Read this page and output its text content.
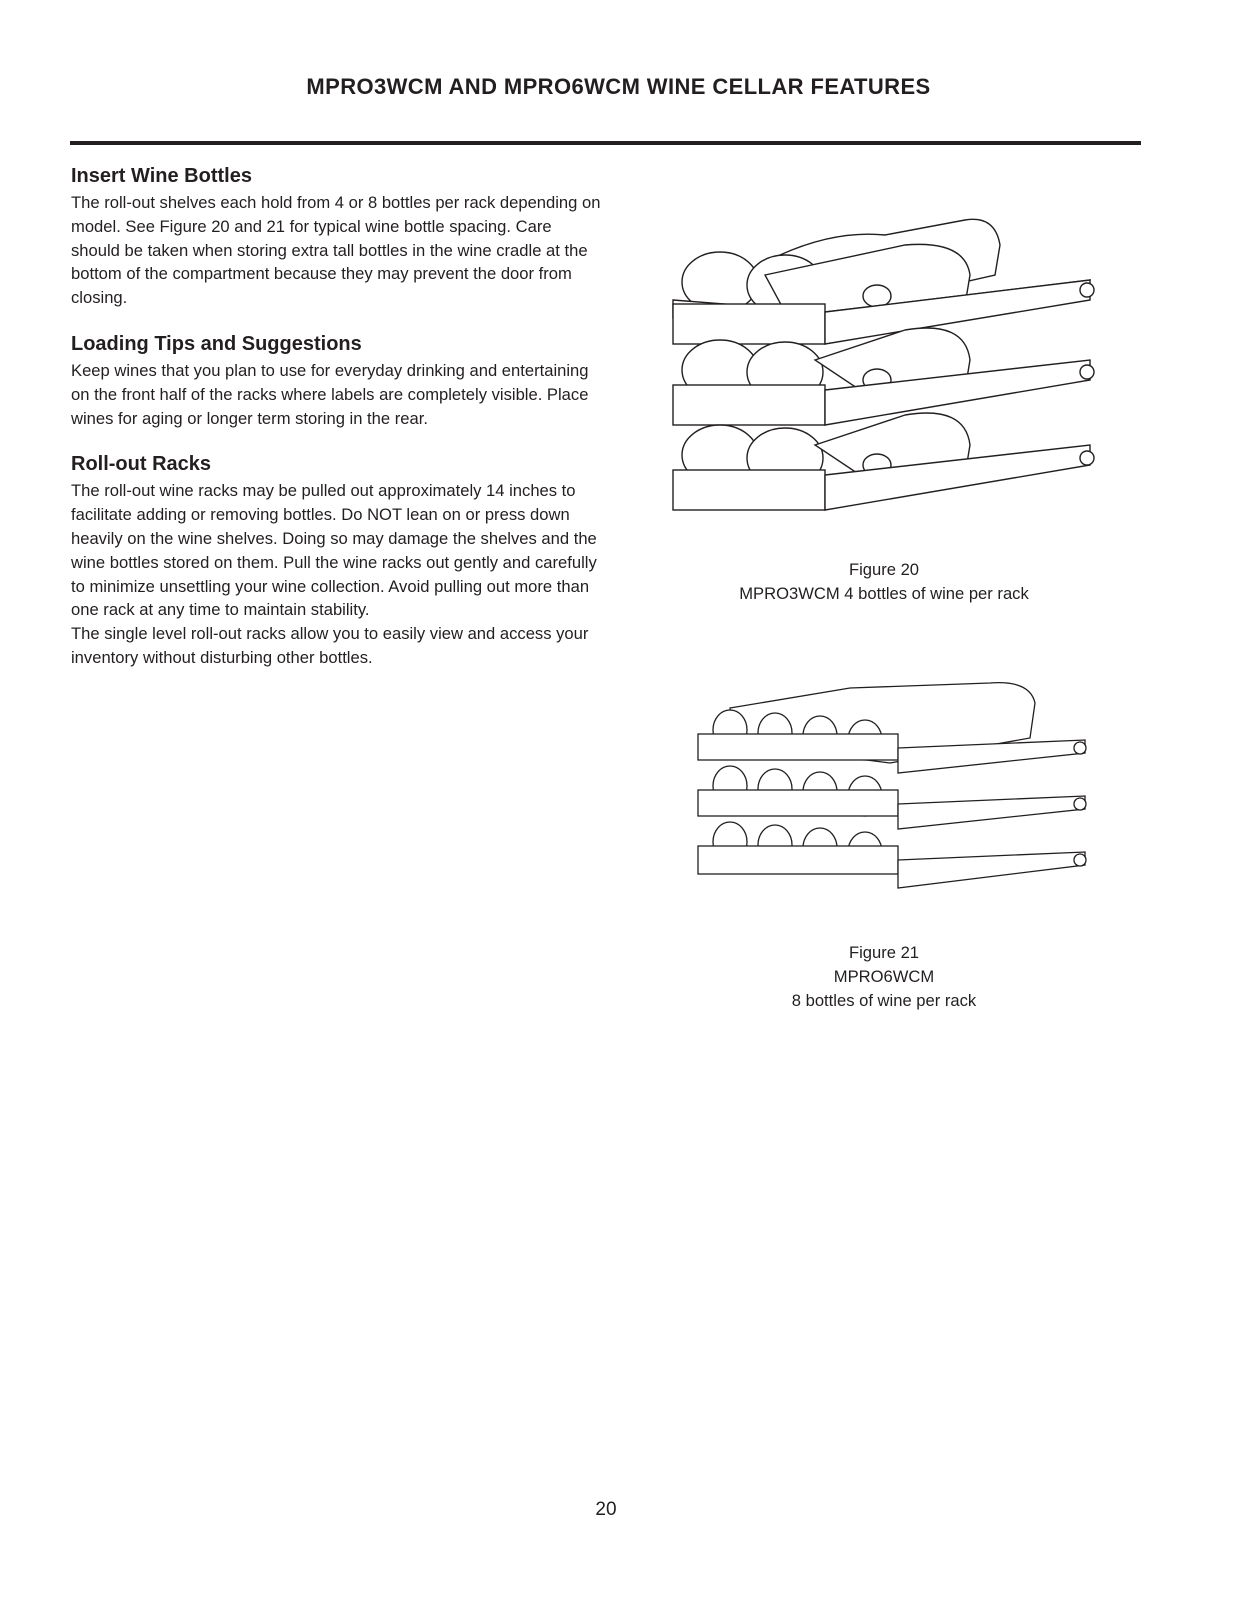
MPRO3WCM AND MPRO6WCM WINE CELLAR FEATURES
Insert Wine Bottles

The roll-out shelves each hold from 4 or 8 bottles per rack depending on model. See Figure 20 and 21 for typical wine bottle spacing. Care should be taken when storing extra tall bottles in the wine cradle at the bottom of the compartment because they may prevent the door from closing.

Loading Tips and Suggestions

Keep wines that you plan to use for everyday drinking and entertaining on the front half of the racks where labels are completely visible. Place wines for aging or longer term storing in the rear.

Roll-out Racks

The roll-out wine racks may be pulled out approximately 14 inches to facilitate adding or removing bottles. Do NOT lean on or press down heavily on the wine shelves. Doing so may damage the shelves and the wine bottles stored on them. Pull the wine racks out gently and carefully to minimize unsettling your wine collection. Avoid pulling out more than one rack at any time to maintain stability.

The single level roll-out racks allow you to easily view and access your inventory without disturbing other bottles.

Figure 20
MPRO3WCM 4 bottles of wine per rack
Figure 21
MPRO6WCM
8 bottles of wine per rack
20
